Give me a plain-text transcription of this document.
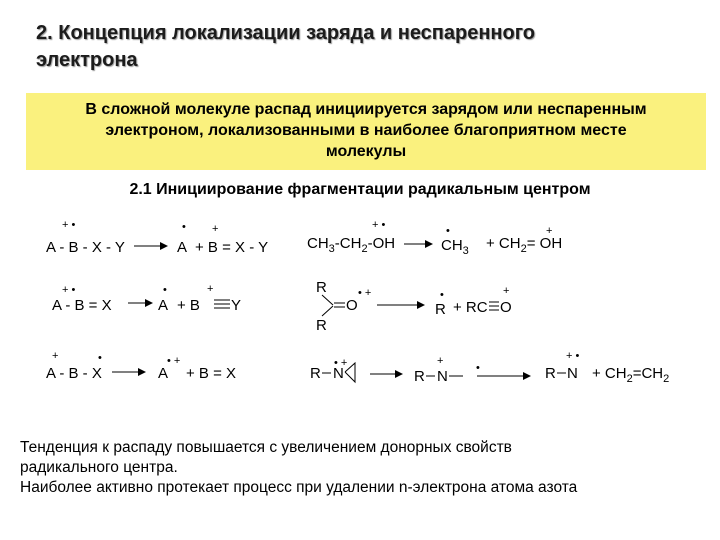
2. Концепция локализации заряда и неспаренного
электрона
В сложной молекуле распад инициируется зарядом или неспаренным
электроном, локализованными в наиболее благоприятном месте
молекулы
2.1 Инициирование фрагментации радикальным центром
+ •
A - B - X - Y
•
A
+
+ B = X - Y	$CH_3-CH_2-OH$
+ •	•
$CH_3$
+
+ $CH_2=$ OH
+ •
A - B = X
•
A
+
+ B Y
R
R
O
• +	•
R
+
+ RC O
+	•
A - B - X	A
• +
+ B = X	R N
• +
R N
+
•	R N
+ •
+ $CH_2=CH_2$
Тенденция к распаду повышается с увеличением донорных свойств
радикального центра.
Наиболее активно протекает процесс при удалении n-электрона атома азота
